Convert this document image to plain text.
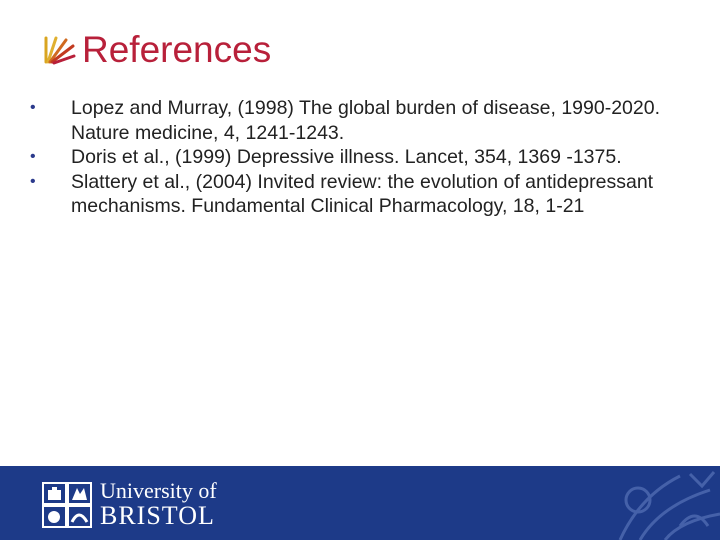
References
•	Lopez and Murray, (1998) The global burden of disease, 1990-2020. Nature medicine, 4, 1241-1243.
•	Doris et al., (1999) Depressive illness. Lancet, 354, 1369 -1375.
•	Slattery et al., (2004) Invited review: the evolution of antidepressant mechanisms. Fundamental Clinical Pharmacology, 18, 1-21
University of
BRISTOL
